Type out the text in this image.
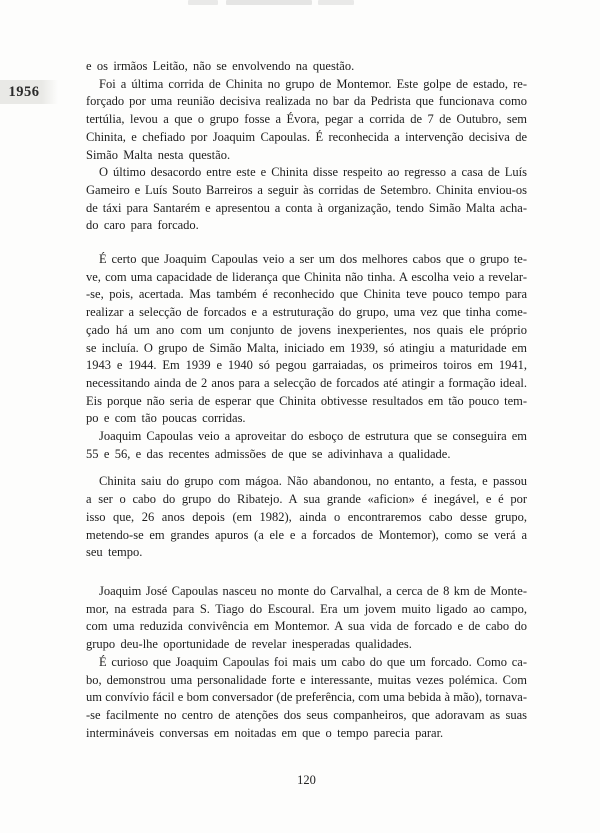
1956
e os irmãos Leitão, não se envolvendo na questão.
Foi a última corrida de Chinita no grupo de Montemor. Este golpe de estado, re-
forçado por uma reunião decisiva realizada no bar da Pedrista que funcionava como
tertúlia, levou a que o grupo fosse a Évora, pegar a corrida de 7 de Outubro, sem
Chinita, e chefiado por Joaquim Capoulas. É reconhecida a intervenção decisiva de
Simão Malta nesta questão.
O último desacordo entre este e Chinita disse respeito ao regresso a casa de Luís
Gameiro e Luís Souto Barreiros a seguir às corridas de Setembro. Chinita enviou-os
de táxi para Santarém e apresentou a conta à organização, tendo Simão Malta acha-
do caro para forcado.
É certo que Joaquim Capoulas veio a ser um dos melhores cabos que o grupo te-
ve, com uma capacidade de liderança que Chinita não tinha. A escolha veio a revelar-
-se, pois, acertada. Mas também é reconhecido que Chinita teve pouco tempo para
realizar a selecção de forcados e a estruturação do grupo, uma vez que tinha come-
çado há um ano com um conjunto de jovens inexperientes, nos quais ele próprio
se incluía. O grupo de Simão Malta, iniciado em 1939, só atingiu a maturidade em
1943 e 1944. Em 1939 e 1940 só pegou garraiadas, os primeiros toiros em 1941,
necessitando ainda de 2 anos para a selecção de forcados até atingir a formação ideal.
Eis porque não seria de esperar que Chinita obtivesse resultados em tão pouco tem-
po e com tão poucas corridas.
Joaquim Capoulas veio a aproveitar do esboço de estrutura que se conseguira em
55 e 56, e das recentes admissões de que se adivinhava a qualidade.
Chinita saiu do grupo com mágoa. Não abandonou, no entanto, a festa, e passou
a ser o cabo do grupo do Ribatejo. A sua grande «aficion» é inegável, e é por
isso que, 26 anos depois (em 1982), ainda o encontraremos cabo desse grupo,
metendo-se em grandes apuros (a ele e a forcados de Montemor), como se verá a
seu tempo.
Joaquim José Capoulas nasceu no monte do Carvalhal, a cerca de 8 km de Monte-
mor, na estrada para S. Tiago do Escoural. Era um jovem muito ligado ao campo,
com uma reduzida convivência em Montemor. A sua vida de forcado e de cabo do
grupo deu-lhe oportunidade de revelar inesperadas qualidades.
É curioso que Joaquim Capoulas foi mais um cabo do que um forcado. Como ca-
bo, demonstrou uma personalidade forte e interessante, muitas vezes polémica. Com
um convívio fácil e bom conversador (de preferência, com uma bebida à mão), tornava-
-se facilmente no centro de atenções dos seus companheiros, que adoravam as suas
intermináveis conversas em noitadas em que o tempo parecia parar.
120
